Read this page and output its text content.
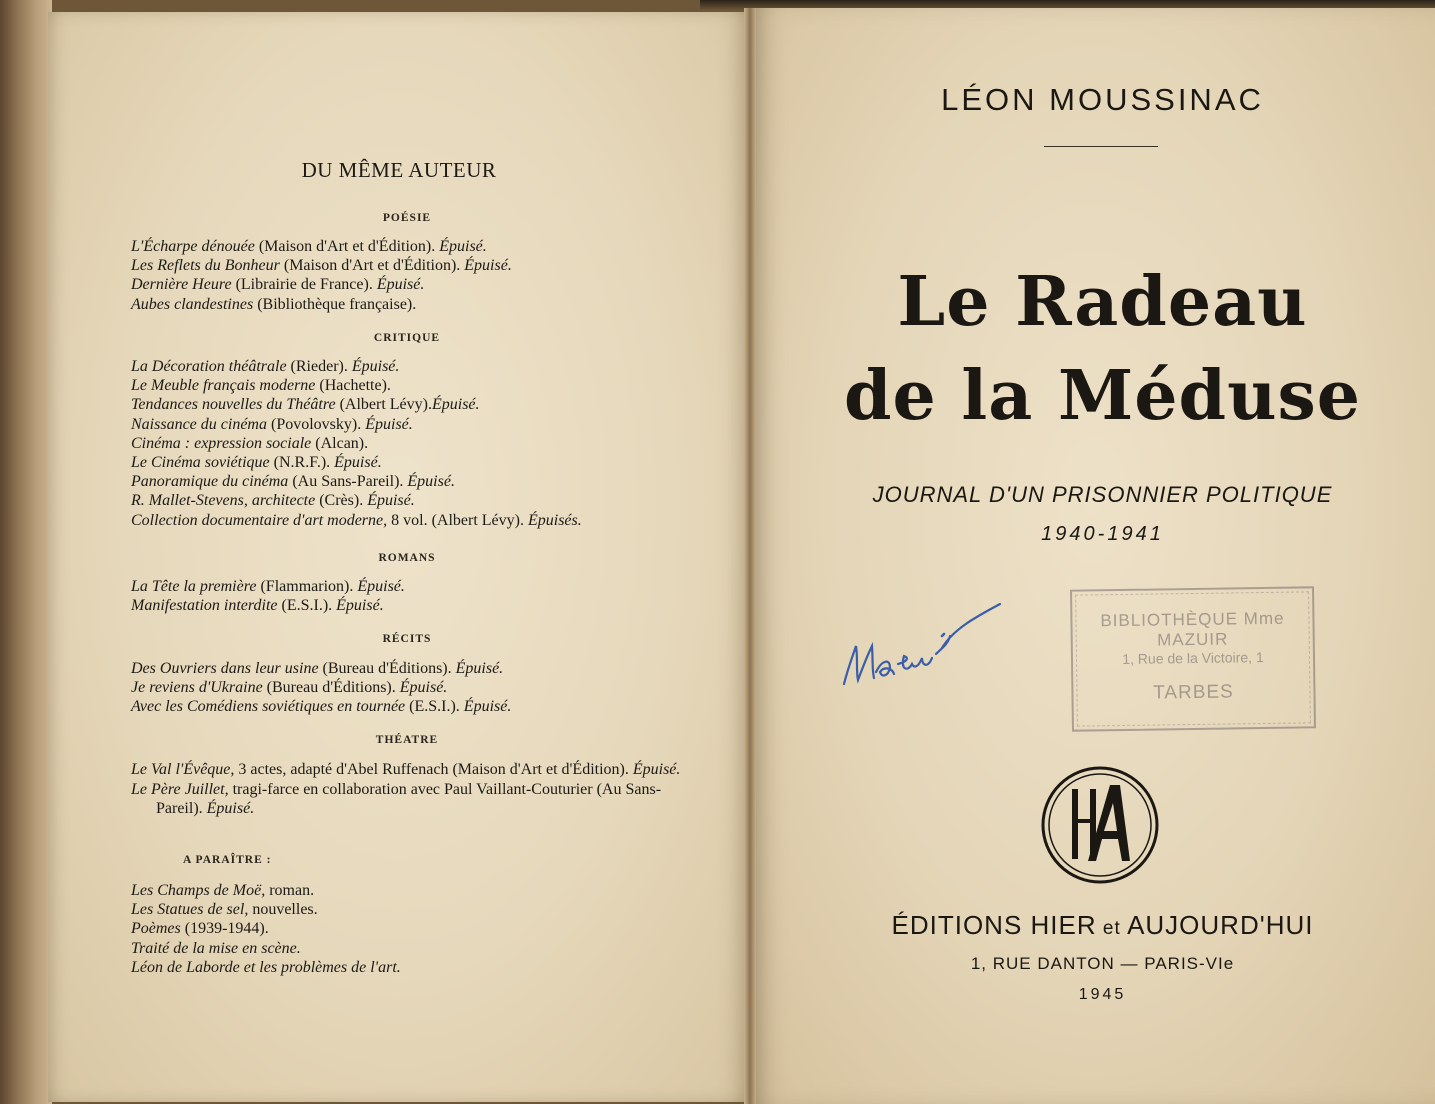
DU MÊME AUTEUR
POÉSIE
L'Écharpe dénouée (Maison d'Art et d'Édition). Épuisé.
Les Reflets du Bonheur (Maison d'Art et d'Édition). Épuisé.
Dernière Heure (Librairie de France). Épuisé.
Aubes clandestines (Bibliothèque française).
CRITIQUE
La Décoration théâtrale (Rieder). Épuisé.
Le Meuble français moderne (Hachette).
Tendances nouvelles du Théâtre (Albert Lévy).Épuisé.
Naissance du cinéma (Povolovsky). Épuisé.
Cinéma : expression sociale (Alcan).
Le Cinéma soviétique (N.R.F.). Épuisé.
Panoramique du cinéma (Au Sans-Pareil). Épuisé.
R. Mallet-Stevens, architecte (Crès). Épuisé.
Collection documentaire d'art moderne, 8 vol. (Albert Lévy). Épuisés.
ROMANS
La Tête la première (Flammarion). Épuisé.
Manifestation interdite (E.S.I.). Épuisé.
RÉCITS
Des Ouvriers dans leur usine (Bureau d'Éditions). Épuisé.
Je reviens d'Ukraine (Bureau d'Éditions). Épuisé.
Avec les Comédiens soviétiques en tournée (E.S.I.). Épuisé.
THÉATRE
Le Val l'Évêque, 3 actes, adapté d'Abel Ruffenach (Maison d'Art et d'Édition). Épuisé.
Le Père Juillet, tragi-farce en collaboration avec Paul Vaillant-Couturier (Au Sans-Pareil). Épuisé.
A PARAÎTRE :
Les Champs de Moë, roman.
Les Statues de sel, nouvelles.
Poèmes (1939-1944).
Traité de la mise en scène.
Léon de Laborde et les problèmes de l'art.
LÉON MOUSSINAC
Le Radeau
de la Méduse
JOURNAL D'UN PRISONNIER POLITIQUE
1940-1941
BIBLIOTHÈQUE Mme MAZUIR
1, Rue de la Victoire, 1
TARBES
ÉDITIONS HIER et AUJOURD'HUI
1, RUE DANTON — PARIS-VIe
1945
